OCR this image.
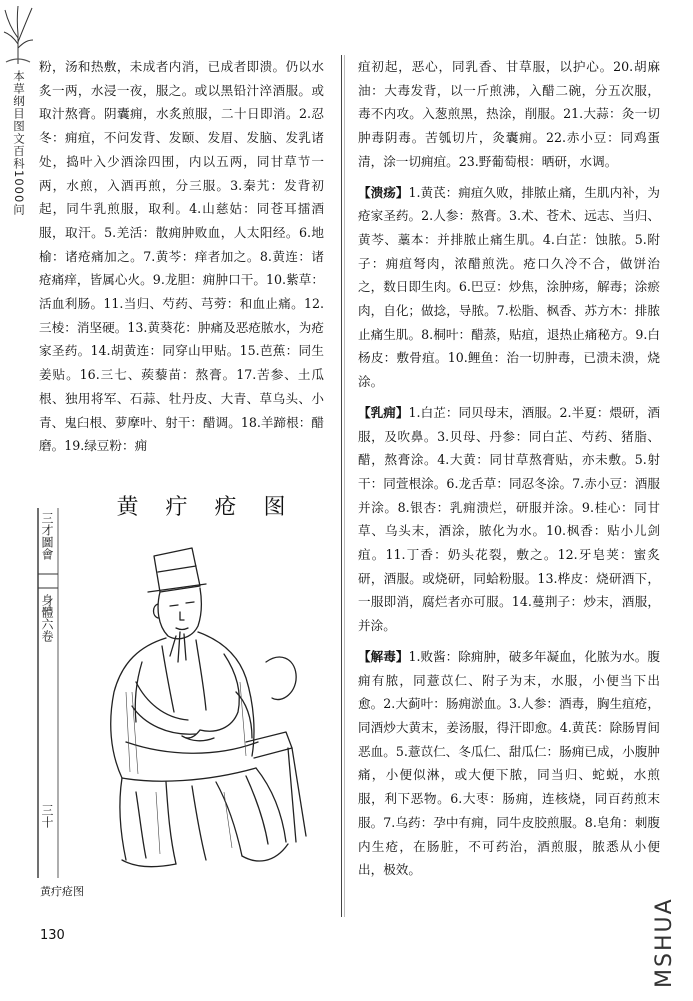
本草纲目图文百科1000问

粉，汤和热敷，未成者内消，已成者即溃。仍以水炙一两，水浸一夜，服之。或以黑铅汁淬酒服。或取汁熬膏。阴囊痈，水炙煎服，二十日即消。2.忍冬：痈疽，不问发背、发颐、发眉、发脑、发乳诸处，捣叶入少酒涂四围，内以五两，同甘草节一两，水煎，入酒再煎，分三服。3.秦艽：发背初起，同牛乳煎服，取利。4.山慈姑：同苍耳擂酒服，取汗。5.羌活：散痈肿败血，人太阳经。6.地榆：诸疮痛加之。7.黄芩：痒者加之。8.黄连：诸疮痛痒，皆属心火。9.龙胆：痈肿口干。10.紫草：活血利肠。11.当归、芍药、芎䓖：和血止痛。12.三棱：消坚硬。13.黄葵花：肿痛及恶疮脓水，为疮家圣药。14.胡黄连：同穿山甲贴。15.芭蕉：同生姜贴。16.三七、蒺藜苗：熬膏。17.苦参、土瓜根、独用将军、石蒜、牡丹皮、大青、草乌头、小青、鬼臼根、萝摩叶、射干：醋调。18.羊蹄根：醋磨。19.绿豆粉：痈

疽初起，恶心，同乳香、甘草服，以护心。20.胡麻油：大毒发背，以一斤煎沸，入醋二碗，分五次服，毒不内攻。入葱煎黑，热涂，削服。21.大蒜：灸一切肿毒阴毒。苦瓠切片，灸囊痈。22.赤小豆：同鸡蛋清，涂一切痈疽。23.野葡萄根：晒研，水调。

【溃疡】1.黄芪：痈疽久败，排脓止痛，生肌内补，为疮家圣药。2.人参：熬膏。3.术、苍术、远志、当归、黄芩、藁本：并排脓止痛生肌。4.白芷：蚀脓。5.附子：痈疽弩肉，浓醋煎洗。疮口久冷不合，做饼治之，数日即生肉。6.巴豆：炒焦，涂肿疡，解毒；涂瘀肉，自化；做捻，导脓。7.松脂、枫香、苏方木：排脓止痛生肌。8.桐叶：醋蒸，贴疽，退热止痛秘方。9.白杨皮：敷骨疽。10.鲤鱼：治一切肿毒，已溃未溃，烧涂。

【乳痈】1.白芷：同贝母末，酒服。2.半夏：煨研，酒服，及吹鼻。3.贝母、丹参：同白芷、芍药、猪脂、醋，熬膏涂。4.大黄：同甘草熬膏贴，亦未敷。5.射干：同萱根涂。6.龙舌草：同忍冬涂。7.赤小豆：酒服并涂。8.银杏：乳痈溃烂，研服并涂。9.桂心：同甘草、乌头末，酒涂，脓化为水。10.枫香：贴小儿剑疽。11.丁香：奶头花裂，敷之。12.牙皂荚：蜜炙研，酒服。或烧研，同蛤粉服。13.桦皮：烧研酒下，一服即消，腐烂者亦可服。14.蔓荆子：炒末，酒服，并涂。

【解毒】1.败酱：除痈肿，破多年凝血，化脓为水。腹痈有脓，同薏苡仁、附子为末，水服，小便当下出愈。2.大蓟叶：肠痈淤血。3.人参：酒毒，胸生疽疮，同酒炒大黄末，姜汤服，得汗即愈。4.黄芪：除肠胃间恶血。5.薏苡仁、冬瓜仁、甜瓜仁：肠痈已成，小腹肿痛，小便似淋，或大便下脓，同当归、蛇蜕，水煎服，利下恶物。6.大枣：肠痈，连核烧，同百药煎末服。7.乌药：孕中有痈，同牛皮胶煎服。8.皂角：刺腹内生疮，在肠脏，不可药治，酒煎服，脓悉从小便出，极效。

三才圖會
身體六卷
三十
黄 疔 疮 图
黄疔疮图
130	MSHUA
